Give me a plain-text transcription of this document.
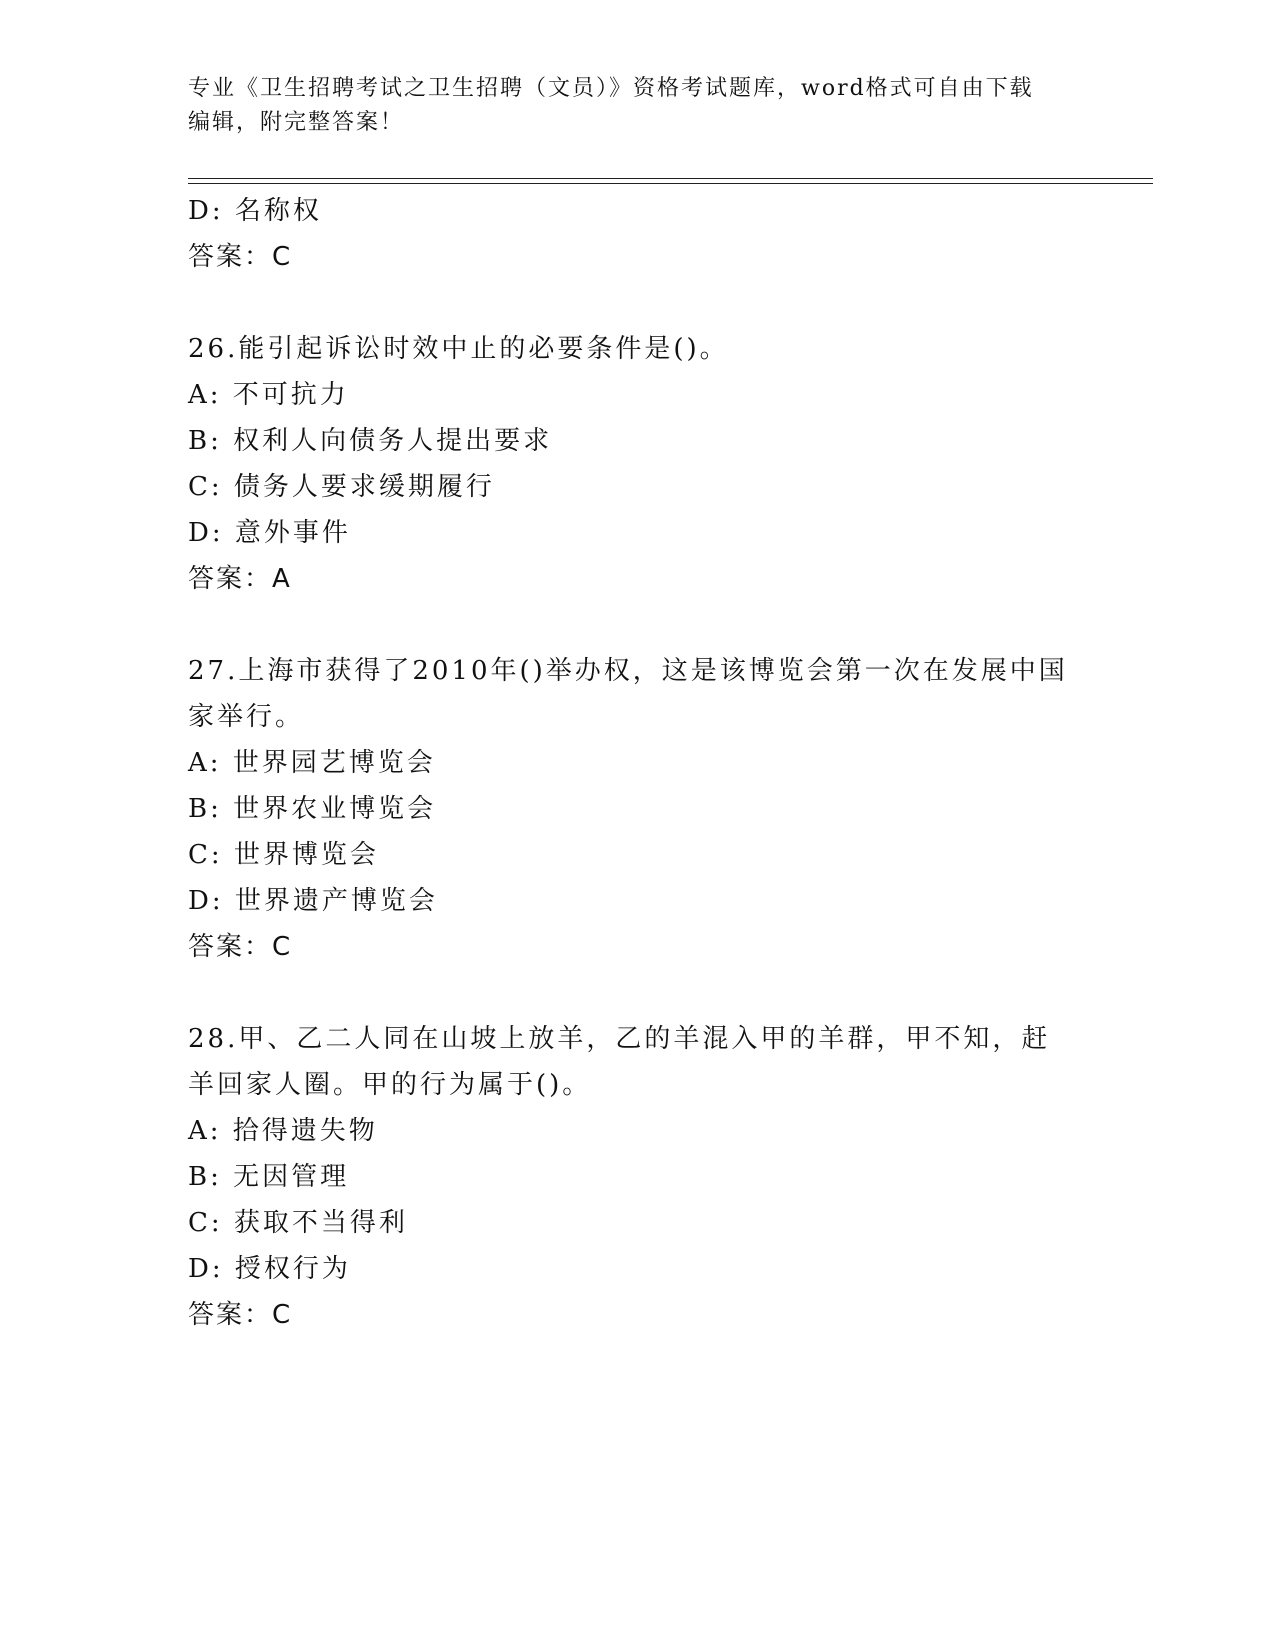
专业《卫生招聘考试之卫生招聘（文员）》资格考试题库，word格式可自由下载
编辑，附完整答案！
D: 名称权
答案：C
26.能引起诉讼时效中止的必要条件是()。
A: 不可抗力
B: 权利人向债务人提出要求
C: 债务人要求缓期履行
D: 意外事件
答案：A
27.上海市获得了2010年()举办权，这是该博览会第一次在发展中国家举行。
A: 世界园艺博览会
B: 世界农业博览会
C: 世界博览会
D: 世界遗产博览会
答案：C
28.甲、乙二人同在山坡上放羊，乙的羊混入甲的羊群，甲不知，赶羊回家人圈。甲的行为属于()。
A: 拾得遗失物
B: 无因管理
C: 获取不当得利
D: 授权行为
答案：C
